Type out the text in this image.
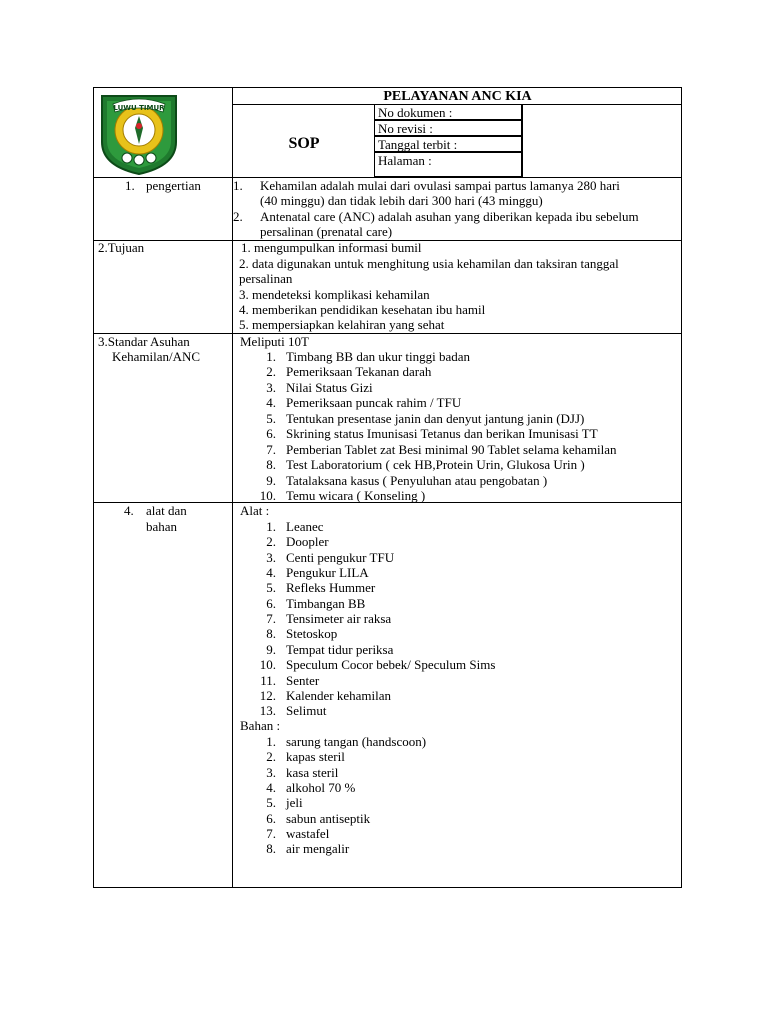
LUWU TIMUR
PELAYANAN ANC KIA
SOP
No dokumen :
No revisi :
Tanggal terbit :
Halaman :
1. pengertian 1. Kehamilan adalah mulai dari ovulasi sampai partus lamanya 280 hari
(40 minggu) dan tidak lebih dari 300 hari (43 minggu)
2. Antenatal care (ANC) adalah asuhan yang diberikan kepada ibu sebelum
persalinan (prenatal care)
2.Tujuan	1. mengumpulkan informasi bumil
2. data digunakan untuk menghitung usia kehamilan dan taksiran tanggal
persalinan
3. mendeteksi komplikasi kehamilan
4. memberikan pendidikan kesehatan ibu hamil
5. mempersiapkan kelahiran yang sehat
3.Standar Asuhan
Kehamilan/ANC
Meliputi 10T
1. Timbang BB dan ukur tinggi badan
2. Pemeriksaan Tekanan darah
3. Nilai Status Gizi
4. Pemeriksaan puncak rahim / TFU
5. Tentukan presentase janin dan denyut jantung janin (DJJ)
6. Skrining status Imunisasi Tetanus dan berikan Imunisasi TT
7. Pemberian Tablet zat Besi minimal 90 Tablet selama kehamilan
8. Test Laboratorium ( cek HB,Protein Urin, Glukosa Urin )
9. Tatalaksana kasus ( Penyuluhan atau pengobatan )
10. Temu wicara ( Konseling )
4. alat dan
bahan
Alat :
1. Leanec
2. Doopler
3. Centi pengukur TFU
4. Pengukur LILA
5. Refleks Hummer
6. Timbangan BB
7. Tensimeter air raksa
8. Stetoskop
9. Tempat tidur periksa
10. Speculum Cocor bebek/ Speculum Sims
11. Senter
12. Kalender kehamilan
13. Selimut
Bahan :
1. sarung tangan (handscoon)
2. kapas steril
3. kasa steril
4. alkohol 70 %
5. jeli
6. sabun antiseptik
7. wastafel
8. air mengalir
